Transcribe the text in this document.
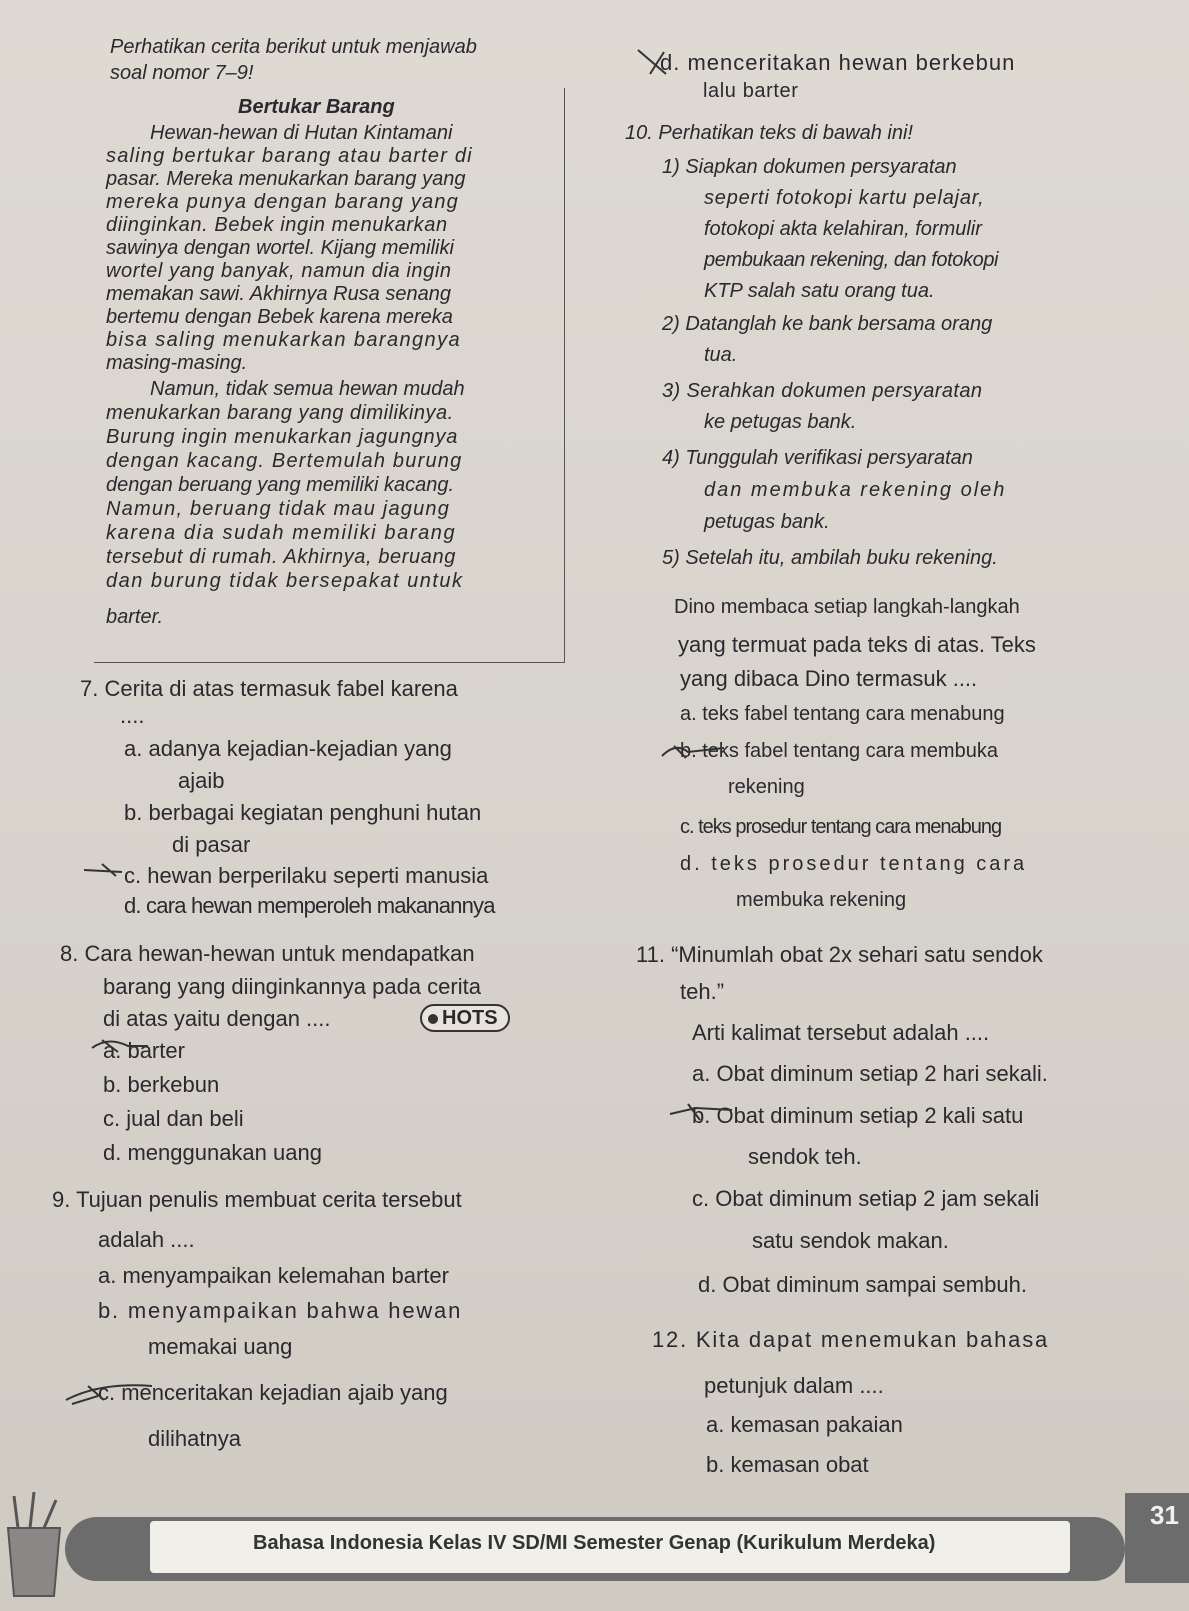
Perhatikan cerita berikut untuk menjawab
soal nomor 7–9!
Bertukar Barang
Hewan-hewan di Hutan Kintamani
saling bertukar barang atau barter di
pasar. Mereka menukarkan barang yang
mereka punya dengan barang yang
diinginkan. Bebek ingin menukarkan
sawinya dengan wortel. Kijang memiliki
wortel yang banyak, namun dia ingin
memakan sawi. Akhirnya Rusa senang
bertemu dengan Bebek karena mereka
bisa saling menukarkan barangnya
masing-masing.
Namun, tidak semua hewan mudah
menukarkan barang yang dimilikinya.
Burung ingin menukarkan jagungnya
dengan kacang. Bertemulah burung
dengan beruang yang memiliki kacang.
Namun, beruang tidak mau jagung
karena dia sudah memiliki barang
tersebut di rumah. Akhirnya, beruang
dan burung tidak bersepakat untuk
barter.
7. Cerita di atas termasuk fabel karena
....
a. adanya kejadian-kejadian yang
ajaib
b. berbagai kegiatan penghuni hutan
di pasar
c. hewan berperilaku seperti manusia
d. cara hewan memperoleh makanannya
8. Cara hewan-hewan untuk mendapatkan
barang yang diinginkannya pada cerita
di atas yaitu dengan ....	HOTS
a. barter
b. berkebun
c. jual dan beli
d. menggunakan uang
9. Tujuan penulis membuat cerita tersebut
adalah ....
a. menyampaikan kelemahan barter
b. menyampaikan bahwa hewan
memakai uang
c. menceritakan kejadian ajaib yang
dilihatnya
d. menceritakan hewan berkebun
lalu barter
10. Perhatikan teks di bawah ini!
1) Siapkan dokumen persyaratan
seperti fotokopi kartu pelajar,
fotokopi akta kelahiran, formulir
pembukaan rekening, dan fotokopi
KTP salah satu orang tua.
2) Datanglah ke bank bersama orang
tua.
3) Serahkan dokumen persyaratan
ke petugas bank.
4) Tunggulah verifikasi persyaratan
dan membuka rekening oleh
petugas bank.
5) Setelah itu, ambilah buku rekening.
Dino membaca setiap langkah-langkah
yang termuat pada teks di atas. Teks
yang dibaca Dino termasuk ....
a. teks fabel tentang cara menabung
b. teks fabel tentang cara membuka
rekening
c. teks prosedur tentang cara menabung
d. teks prosedur tentang cara
membuka rekening
11. “Minumlah obat 2x sehari satu sendok
teh.”
Arti kalimat tersebut adalah ....
a. Obat diminum setiap 2 hari sekali.
b. Obat diminum setiap 2 kali satu
sendok teh.
c. Obat diminum setiap 2 jam sekali
satu sendok makan.
d. Obat diminum sampai sembuh.
12. Kita dapat menemukan bahasa
petunjuk dalam ....
a. kemasan pakaian
b. kemasan obat
Bahasa Indonesia Kelas IV SD/MI Semester Genap (Kurikulum Merdeka)
31
